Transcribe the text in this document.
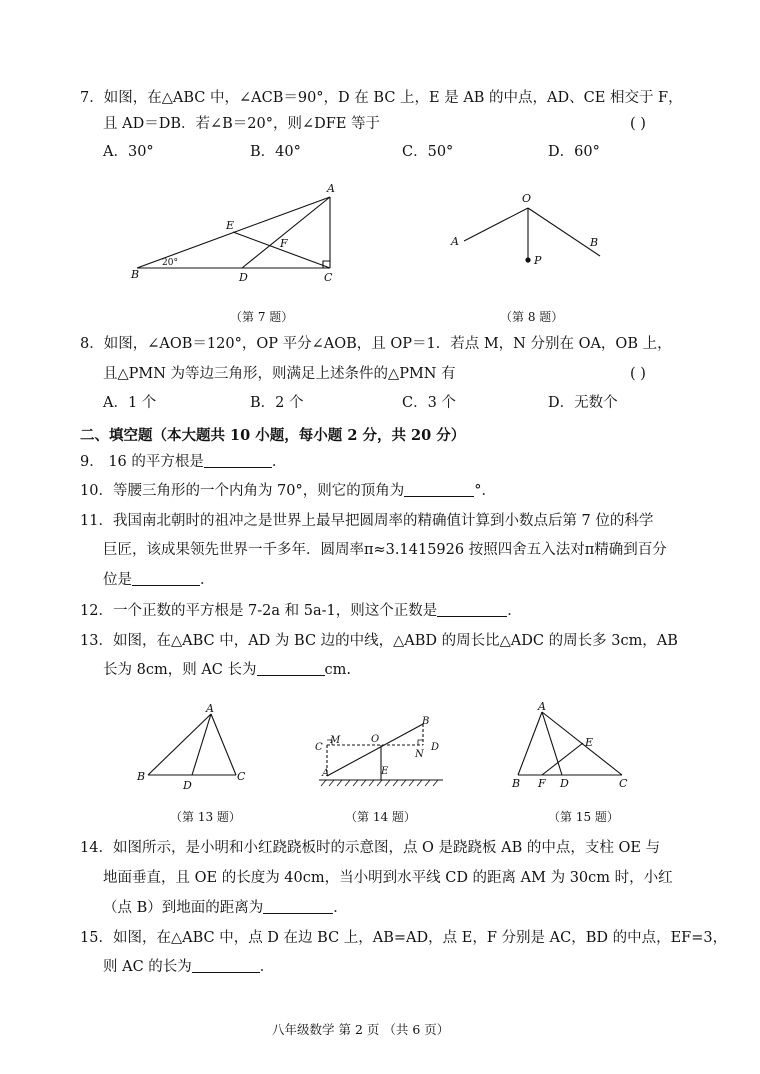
7．如图，在△ABC 中，∠ACB＝90°，D 在 BC 上，E 是 AB 的中点，AD、CE 相交于 F，
且 AD＝DB．若∠B＝20°，则∠DFE 等于	( )
A．30°	B．40°	C．50°	D．60°
A
B	C
D
E
F
20°
（第 7 题）
O
A	B
P
（第 8 题）
8．如图，∠AOB＝120°，OP 平分∠AOB，且 OP＝1．若点 M，N 分别在 OA，OB 上，
且△PMN 为等边三角形，则满足上述条件的△PMN 有	( )
A．1 个	B．2 个	C．3 个	D．无数个
二、填空题（本大题共 10 小题，每小题 2 分，共 20 分）
9． 16 的平方根是	．
10．等腰三角形的一个内角为 70°，则它的顶角为	°．
11．我国南北朝时的祖冲之是世界上最早把圆周率的精确值计算到小数点后第 7 位的科学
巨匠，该成果领先世界一千多年．圆周率π≈3.1415926 按照四舍五入法对π精确到百分
位是	．
12．一个正数的平方根是 7-2a 和 5a-1，则这个正数是	．
13．如图，在△ABC 中，AD 为 BC 边的中线，△ABD 的周长比△ADC 的周长多 3cm，AB
长为 8cm，则 AC 长为	cm.
A
B	C
D
（第 13 题）
B
C	D
M
N
O
E
A
（第 14 题）
A
B	C
D
E
F
（第 15 题）
14．如图所示，是小明和小红跷跷板时的示意图，点 O 是跷跷板 AB 的中点，支柱 OE 与
地面垂直，且 OE 的长度为 40cm，当小明到水平线 CD 的距离 AM 为 30cm 时，小红
（点 B）到地面的距离为	．
15．如图，在△ABC 中，点 D 在边 BC 上，AB=AD，点 E，F 分别是 AC，BD 的中点，EF=3，
则 AC 的长为	．
八年级数学 第 2 页 （共 6 页）
